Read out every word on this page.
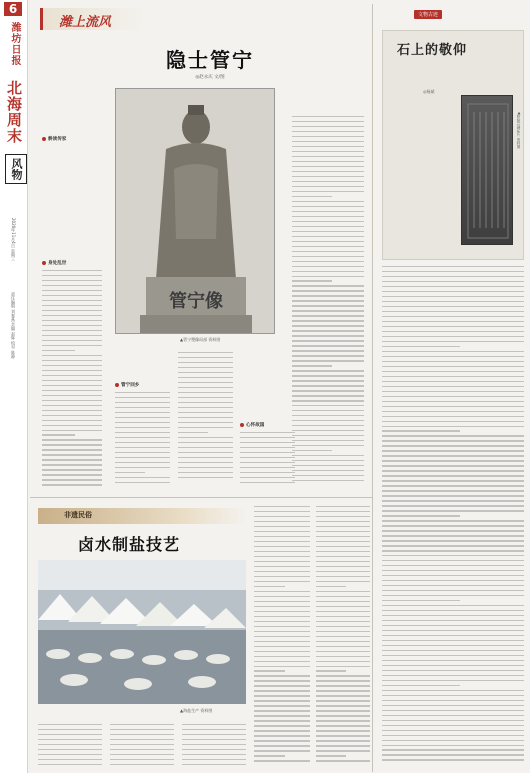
6
潍坊日报
北海周末
风物
2020年11月4日 星期三
责任编辑 刘春燕 美编 赵辉 校对 陈静
潍上流风
隐士管宁
◎赵永庆 文/图
耕读传家
身处乱世
管宁像
▲管宁塑像局部 资料图
管宁回乡
心怀故国
文物古迹
石上的敬仰
◎杨斌
▲阳陵石碑拓片 资料图
非遗民俗
卤水制盐技艺
▲海盐生产 资料图
